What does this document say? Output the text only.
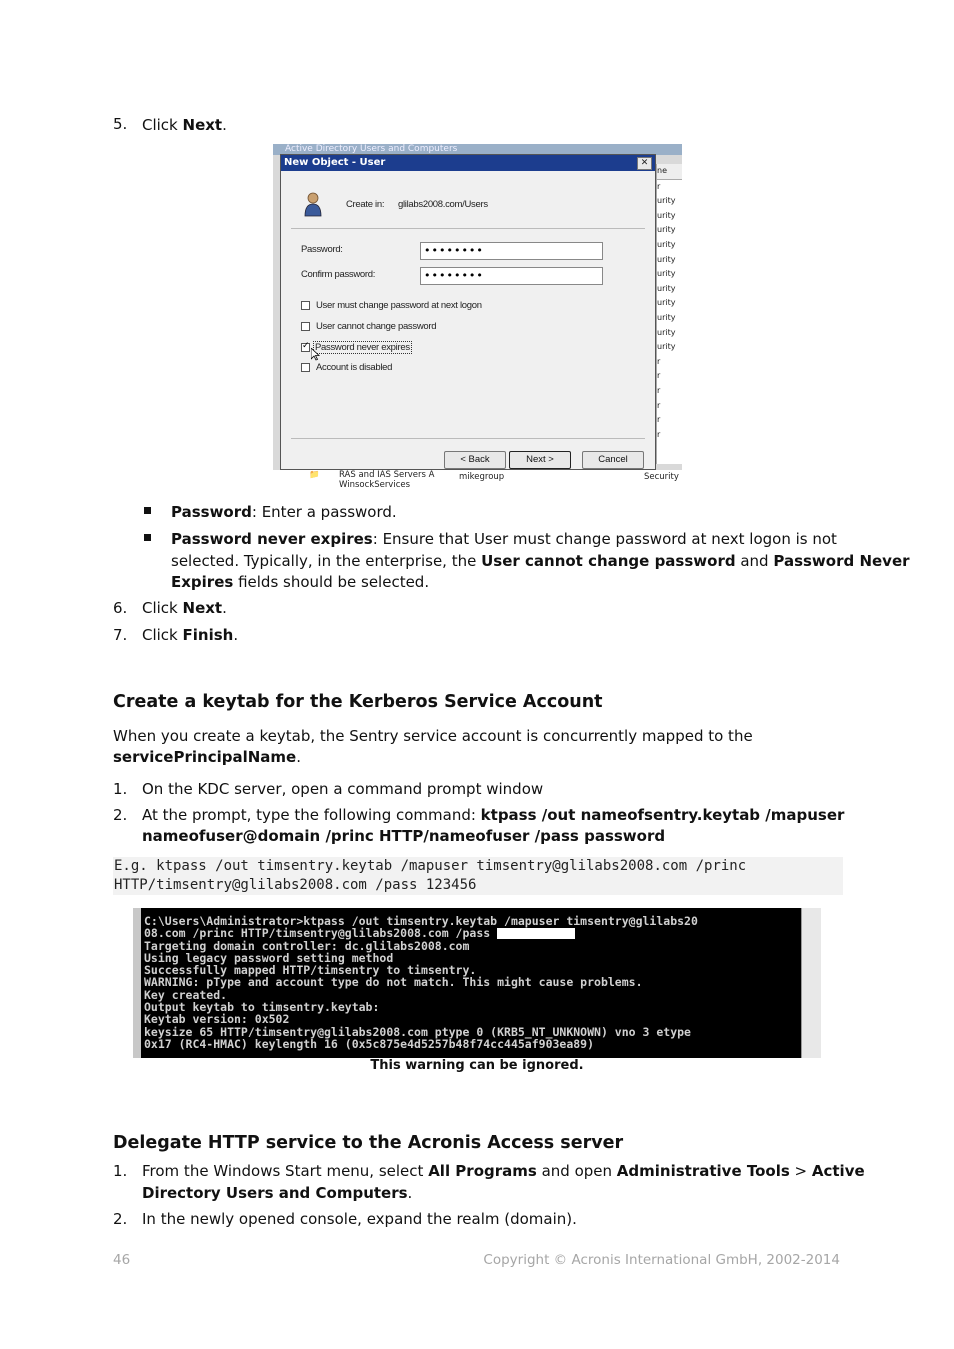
5. Click Next.
Active Directory Users and Computers
ne
r
urity
urity
urity
urity
urity
urity
urity
urity
urity
urity
urity
r
r
r
r
r
r
New Object - User	✕
Create in: glilabs2008.com/Users
Password:	••••••••
Confirm password:	••••••••
User must change password at next logon
User cannot change password
✓
Password never expires
Account is disabled
< Back	Next >	Cancel
📁 RAS and IAS Servers A
WinsockServices
mikegroup	Security
Password: Enter a password.
Password never expires: Ensure that User must change password at next logon is not
selected. Typically, in the enterprise, the User cannot change password and Password Never
Expires fields should be selected.
6. Click Next.
7. Click Finish.
Create a keytab for the Kerberos Service Account
When you create a keytab, the Sentry service account is concurrently mapped to the
servicePrincipalName.
1. On the KDC server, open a command prompt window
2. At the prompt, type the following command: ktpass /out nameofsentry.keytab /mapuser
nameofuser@domain /princ HTTP/nameofuser /pass password
E.g. ktpass /out timsentry.keytab /mapuser timsentry@glilabs2008.com /princ
HTTP/timsentry@glilabs2008.com /pass 123456
C:\Users\Administrator>ktpass /out timsentry.keytab /mapuser timsentry@glilabs20
08.com /princ HTTP/timsentry@glilabs2008.com /pass
Targeting domain controller: dc.glilabs2008.com
Using legacy password setting method
Successfully mapped HTTP/timsentry to timsentry.
WARNING: pType and account type do not match. This might cause problems.
Key created.
Output keytab to timsentry.keytab:
Keytab version: 0x502
keysize 65 HTTP/timsentry@glilabs2008.com ptype 0 (KRB5_NT_UNKNOWN) vno 3 etype
0x17 (RC4-HMAC) keylength 16 (0x5c875e4d5257b48f74cc445af903ea89)
This warning can be ignored.
Delegate HTTP service to the Acronis Access server
1. From the Windows Start menu, select All Programs and open Administrative Tools > Active
Directory Users and Computers.
2. In the newly opened console, expand the realm (domain).
46	Copyright © Acronis International GmbH, 2002-2014
